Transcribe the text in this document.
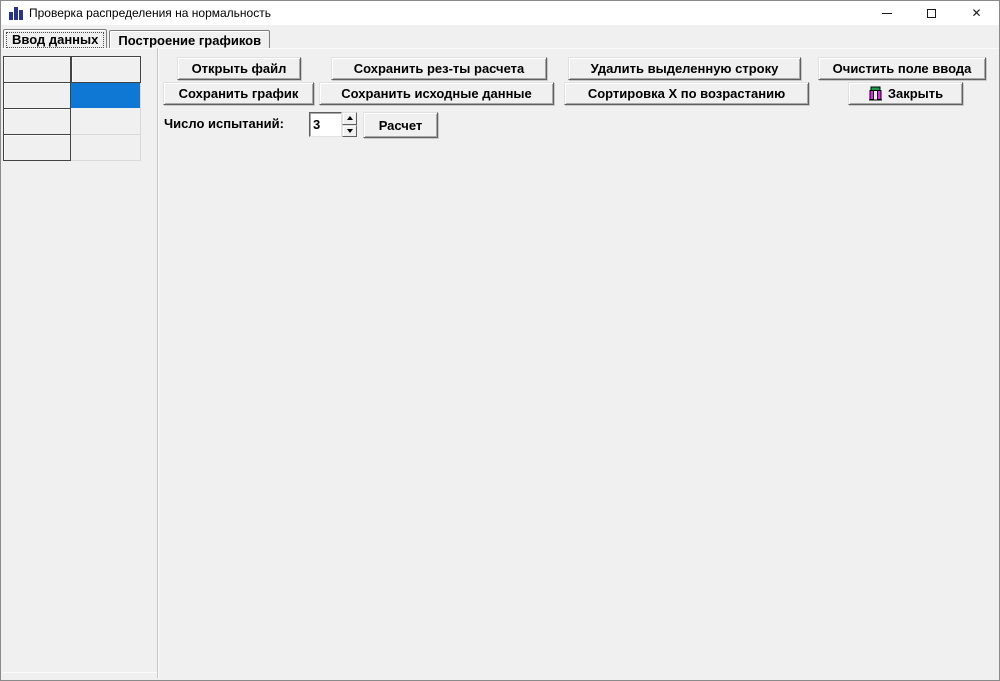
Проверка распределения на нормальность	✕
Ввод данных Построение графиков
Открыть файл	Сохранить рез-ты расчета	Удалить выделенную строку	Очистить поле ввода
Сохранить график	Сохранить исходные данные	Сортировка X по возрастанию	Закрыть
Число испытаний:
3	Расчет
